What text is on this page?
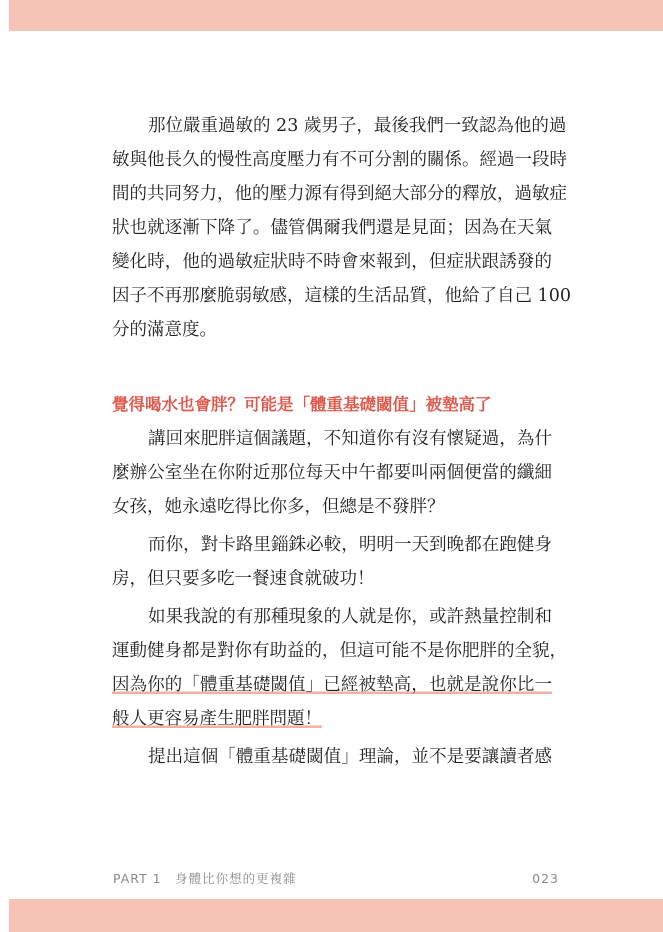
那位嚴重過敏的 23 歲男子，最後我們一致認為他的過

敏與他長久的慢性高度壓力有不可分割的關係。經過一段時

間的共同努力，他的壓力源有得到絕大部分的釋放，過敏症

狀也就逐漸下降了。儘管偶爾我們還是見面；因為在天氣

變化時，他的過敏症狀時不時會來報到，但症狀跟誘發的

因子不再那麼脆弱敏感，這樣的生活品質，他給了自己 100

分的滿意度。

覺得喝水也會胖？可能是「體重基礎閾值」被墊高了

講回來肥胖這個議題，不知道你有沒有懷疑過，為什

麼辦公室坐在你附近那位每天中午都要叫兩個便當的纖細

女孩，她永遠吃得比你多，但總是不發胖？

而你，對卡路里錙銖必較，明明一天到晚都在跑健身

房，但只要多吃一餐速食就破功！

如果我說的有那種現象的人就是你，或許熱量控制和

運動健身都是對你有助益的，但這可能不是你肥胖的全貌，

因為你的「體重基礎閾值」已經被墊高，也就是說你比一

般人更容易產生肥胖問題！

提出這個「體重基礎閾值」理論，並不是要讓讀者感

PART 1　身體比你想的更複雜	023
